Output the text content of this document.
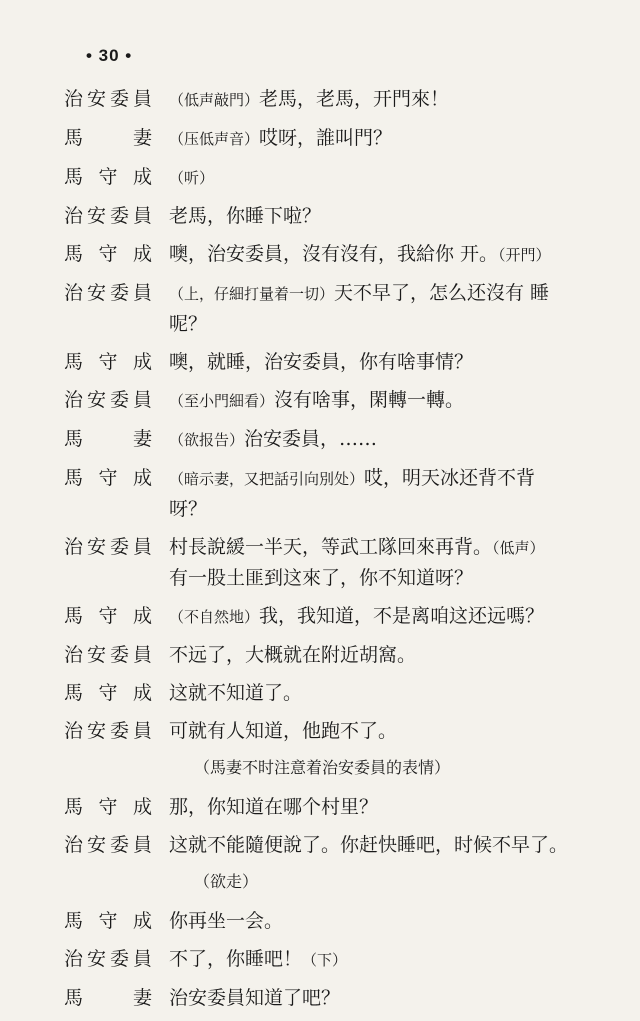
• 30 •
治安委員 （低声敲門）老馬，老馬，开門來！
馬　妻 （压低声音）哎呀，誰叫門？
馬守成 （听）
治安委員 老馬，你睡下啦？
馬守成 噢，治安委員，沒有沒有，我給你 开。（开門）
治安委員 （上，仔細打量着一切）天不早了，怎么还沒有 睡
呢？
馬守成 噢，就睡，治安委員，你有啥事情？
治安委員 （至小門細看）沒有啥事，閑轉一轉。
馬　妻 （欲报告）治安委員，……
馬守成 （暗示妻，又把話引向別处）哎，明天冰还背不背
呀？
治安委員 村長說緩一半天，等武工隊回來再背。（低声）
有一股土匪到这來了，你不知道呀？
馬守成 （不自然地）我，我知道，不是离咱这还远嗎？
治安委員 不远了，大概就在附近胡窩。
馬守成 这就不知道了。
治安委員 可就有人知道，他跑不了。
（馬妻不时注意着治安委員的表情）
馬守成 那，你知道在哪个村里？
治安委員 这就不能隨便說了。你赶快睡吧，时候不早了。
（欲走）
馬守成 你再坐一会。
治安委員 不了，你睡吧！（下）
馬　妻 治安委員知道了吧？
